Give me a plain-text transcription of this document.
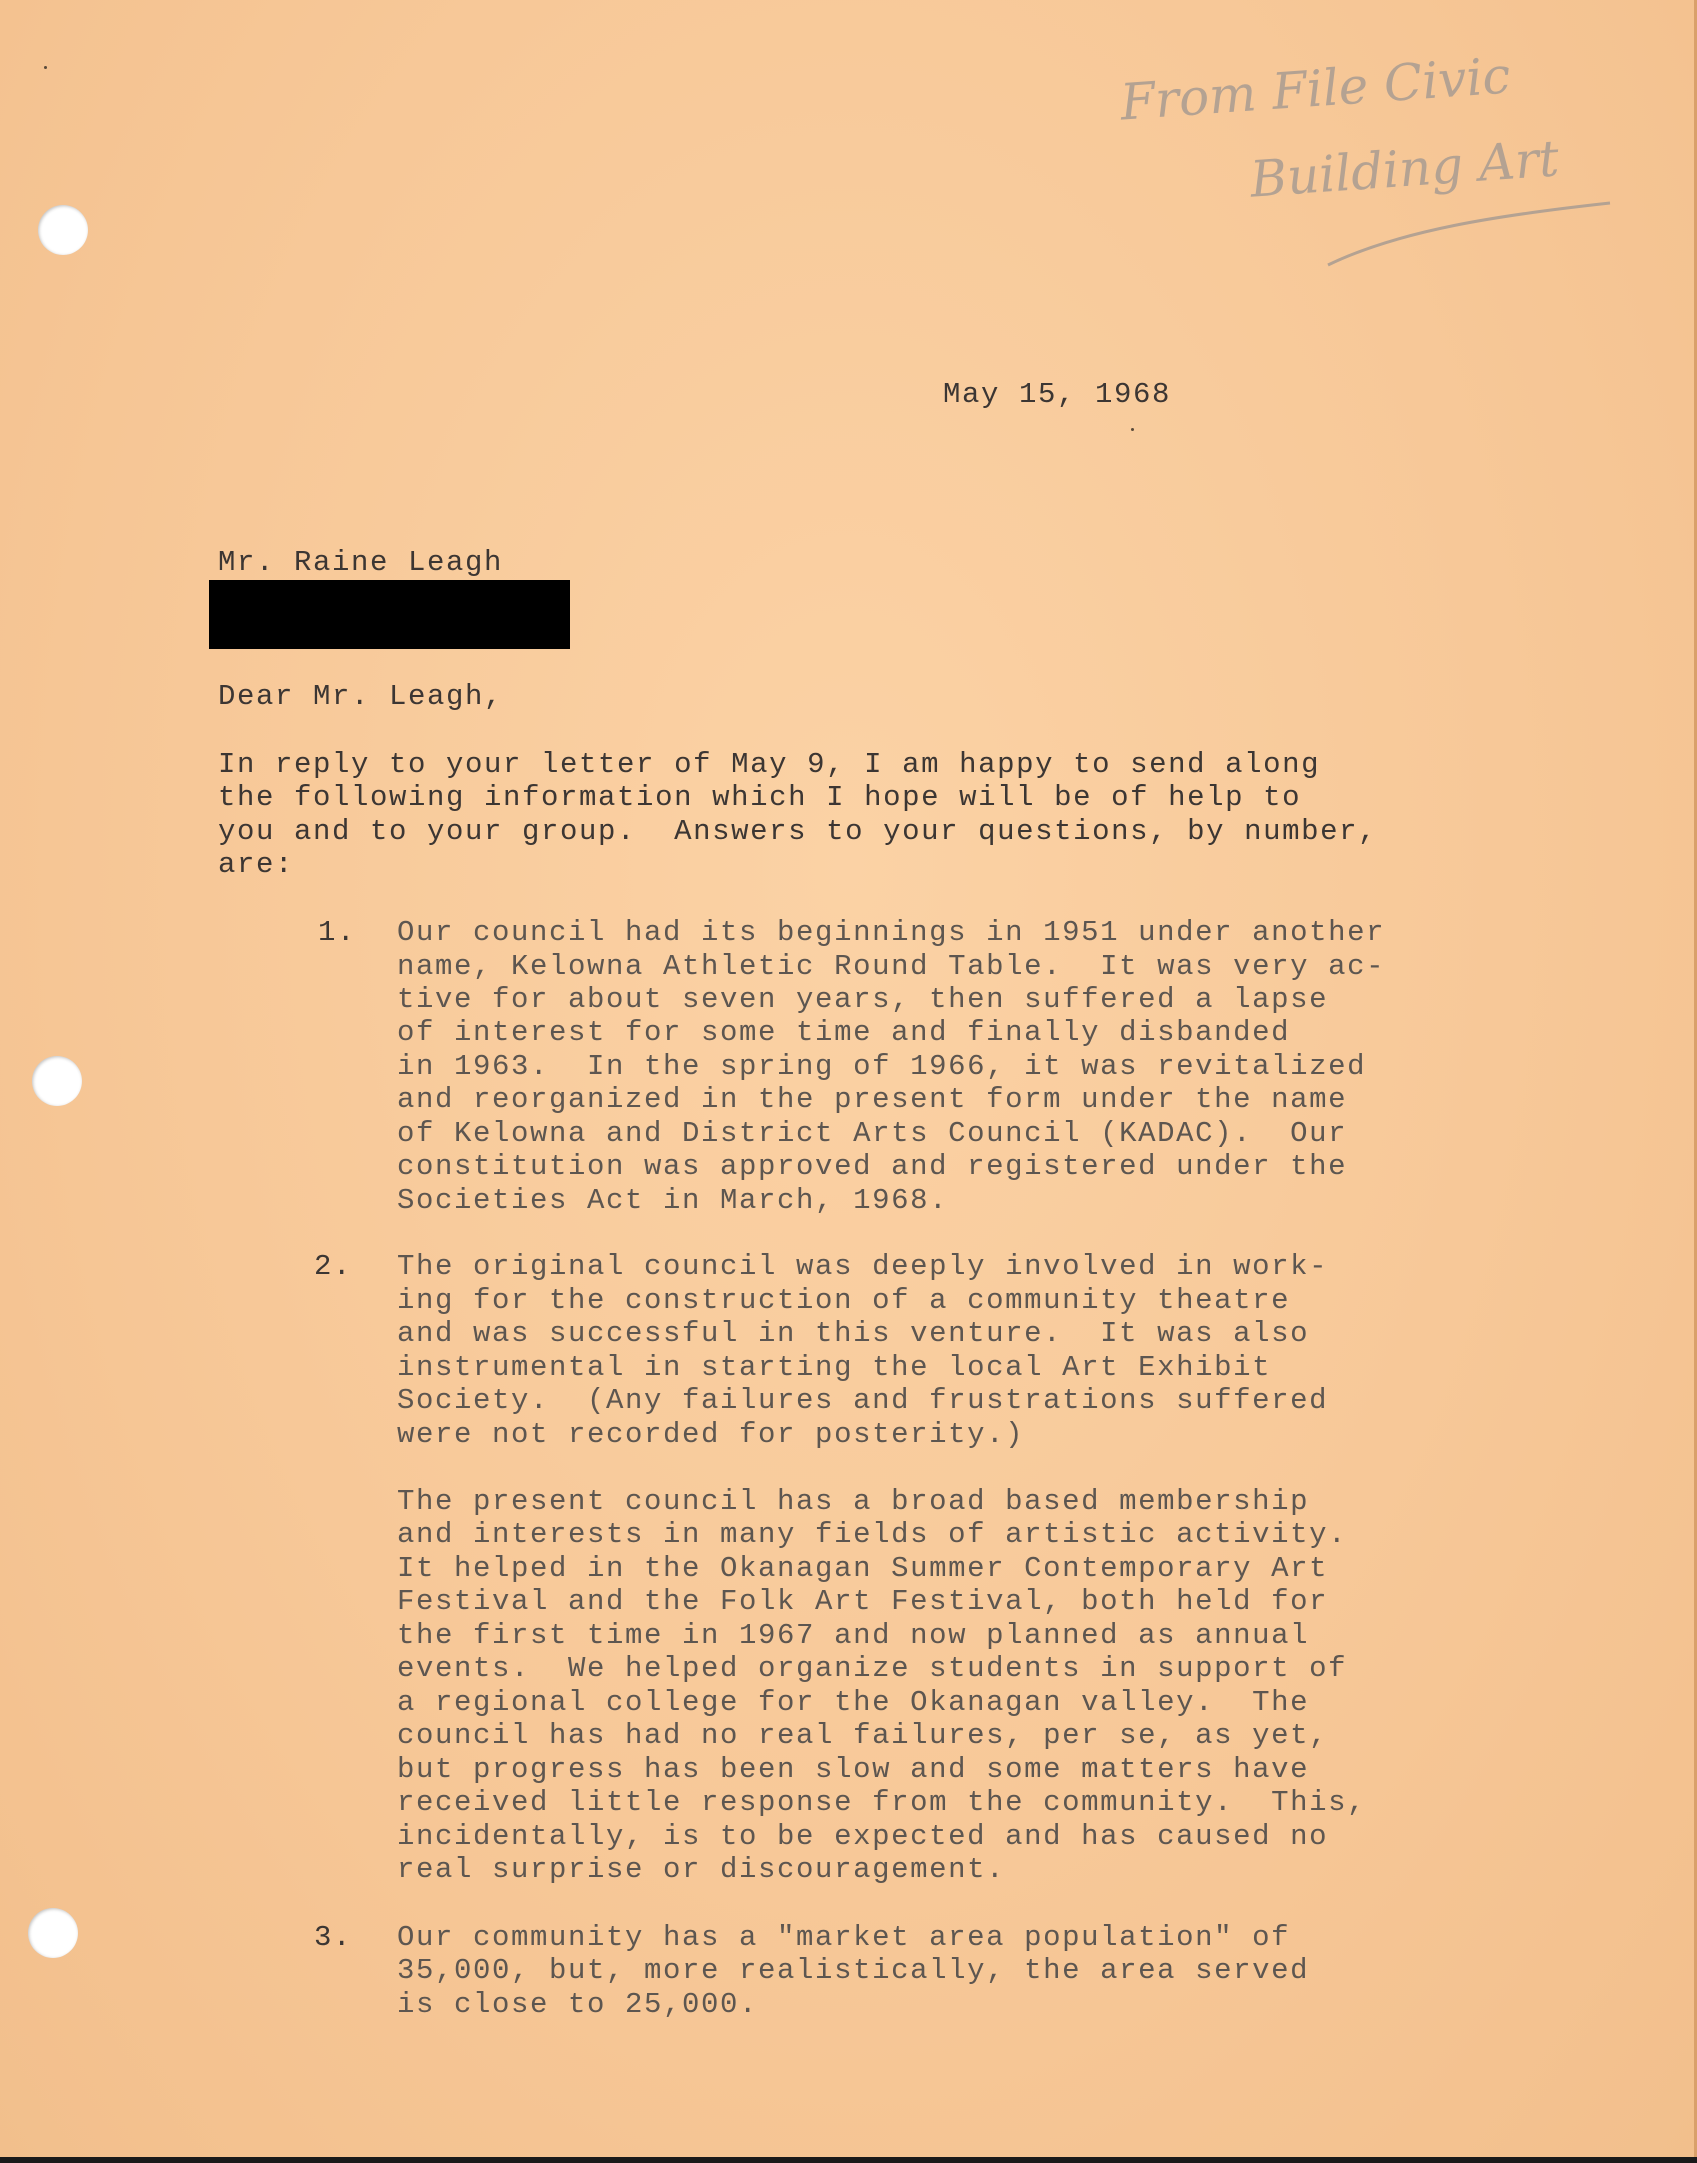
From File Civic
Building Art
May 15, 1968
Mr. Raine Leagh
Dear Mr. Leagh,
In reply to your letter of May 9, I am happy to send along
the following information which I hope will be of help to
you and to your group.  Answers to your questions, by number,
are:
1. Our council had its beginnings in 1951 under another
name, Kelowna Athletic Round Table.  It was very ac-
tive for about seven years, then suffered a lapse
of interest for some time and finally disbanded
in 1963.  In the spring of 1966, it was revitalized
and reorganized in the present form under the name
of Kelowna and District Arts Council (KADAC).  Our
constitution was approved and registered under the
Societies Act in March, 1968.
2. The original council was deeply involved in work-
ing for the construction of a community theatre
and was successful in this venture.  It was also
instrumental in starting the local Art Exhibit
Society.  (Any failures and frustrations suffered
were not recorded for posterity.)
The present council has a broad based membership
and interests in many fields of artistic activity.
It helped in the Okanagan Summer Contemporary Art
Festival and the Folk Art Festival, both held for
the first time in 1967 and now planned as annual
events.  We helped organize students in support of
a regional college for the Okanagan valley.  The
council has had no real failures, per se, as yet,
but progress has been slow and some matters have
received little response from the community.  This,
incidentally, is to be expected and has caused no
real surprise or discouragement.
3. Our community has a "market area population" of
35,000, but, more realistically, the area served
is close to 25,000.
